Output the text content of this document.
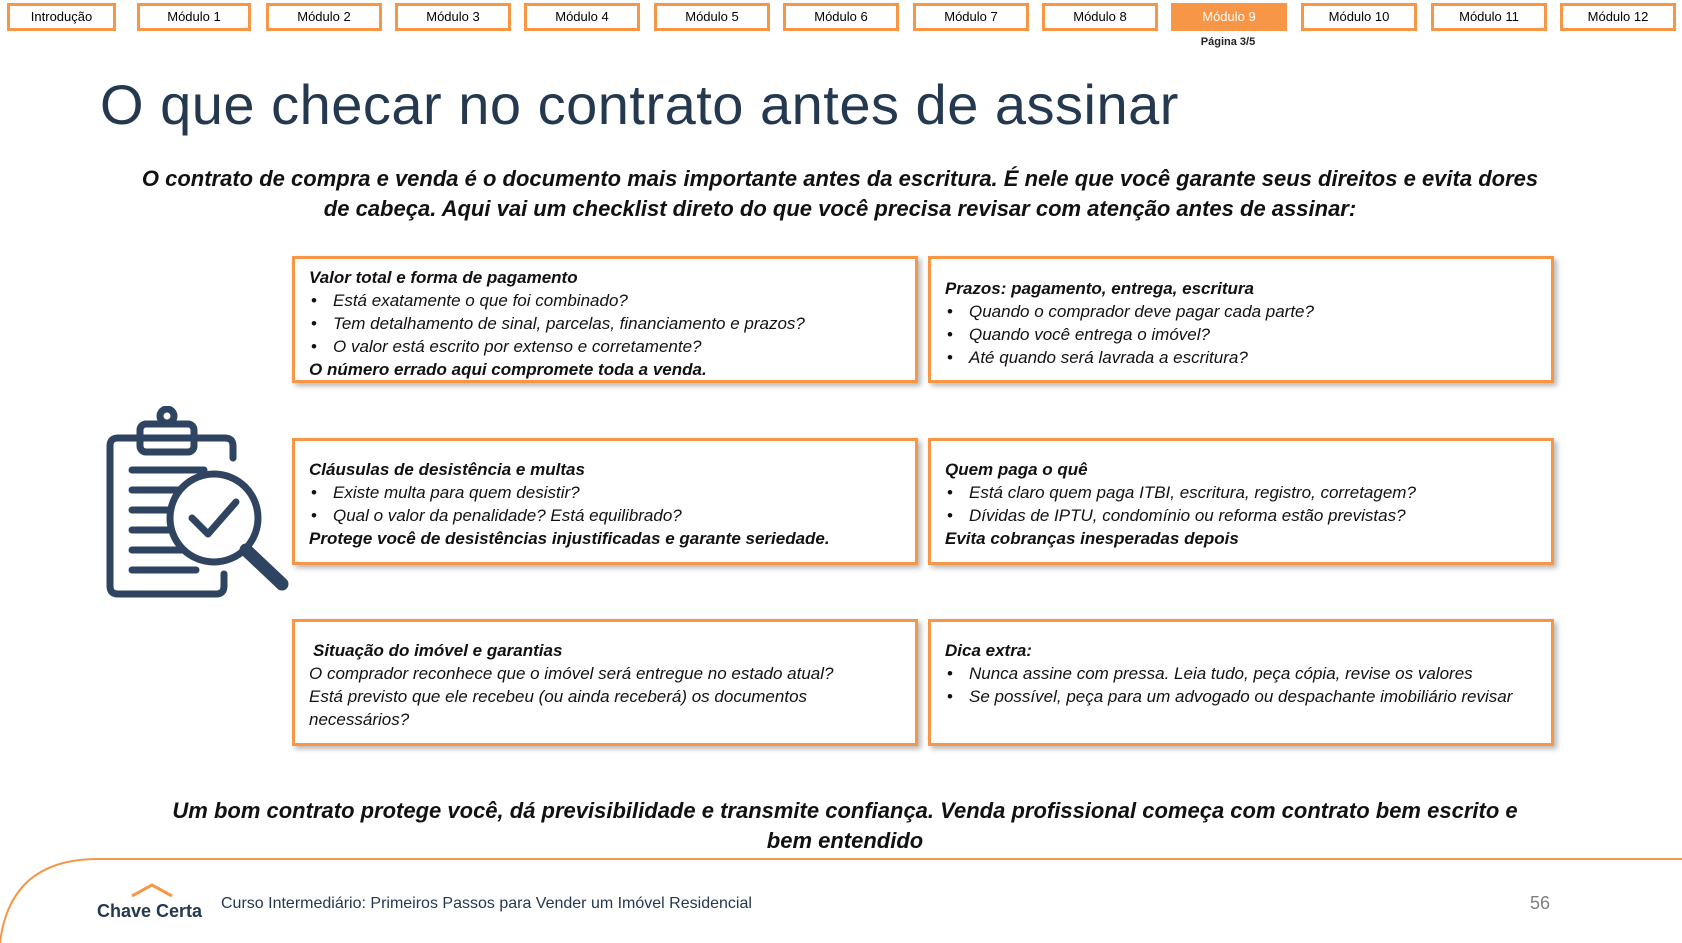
Introdução	Módulo 1	Módulo 2	Módulo 3	Módulo 4	Módulo 5	Módulo 6	Módulo 7	Módulo 8	Módulo 9	Módulo 10	Módulo 11	Módulo 12
Página 3/5
O que checar no contrato antes de assinar
O contrato de compra e venda é o documento mais importante antes da escritura. É nele que você garante seus direitos e evita dores de cabeça. Aqui vai um checklist direto do que você precisa revisar com atenção antes de assinar:
Valor total e forma de pagamento
• Está exatamente o que foi combinado?
• Tem detalhamento de sinal, parcelas, financiamento e prazos?
• O valor está escrito por extenso e corretamente?
O número errado aqui compromete toda a venda.
Prazos: pagamento, entrega, escritura
• Quando o comprador deve pagar cada parte?
• Quando você entrega o imóvel?
• Até quando será lavrada a escritura?
Cláusulas de desistência e multas
• Existe multa para quem desistir?
• Qual o valor da penalidade? Está equilibrado?
Protege você de desistências injustificadas e garante seriedade.
Quem paga o quê
• Está claro quem paga ITBI, escritura, registro, corretagem?
• Dívidas de IPTU, condomínio ou reforma estão previstas?
Evita cobranças inesperadas depois
Situação do imóvel e garantias
O comprador reconhece que o imóvel será entregue no estado atual?
Está previsto que ele recebeu (ou ainda receberá) os documentos necessários?
Dica extra:
• Nunca assine com pressa. Leia tudo, peça cópia, revise os valores
• Se possível, peça para um advogado ou despachante imobiliário revisar
Um bom contrato protege você, dá previsibilidade e transmite confiança. Venda profissional começa com contrato bem escrito e bem entendido
Chave Certa Curso Intermediário: Primeiros Passos para Vender um Imóvel Residencial	56
